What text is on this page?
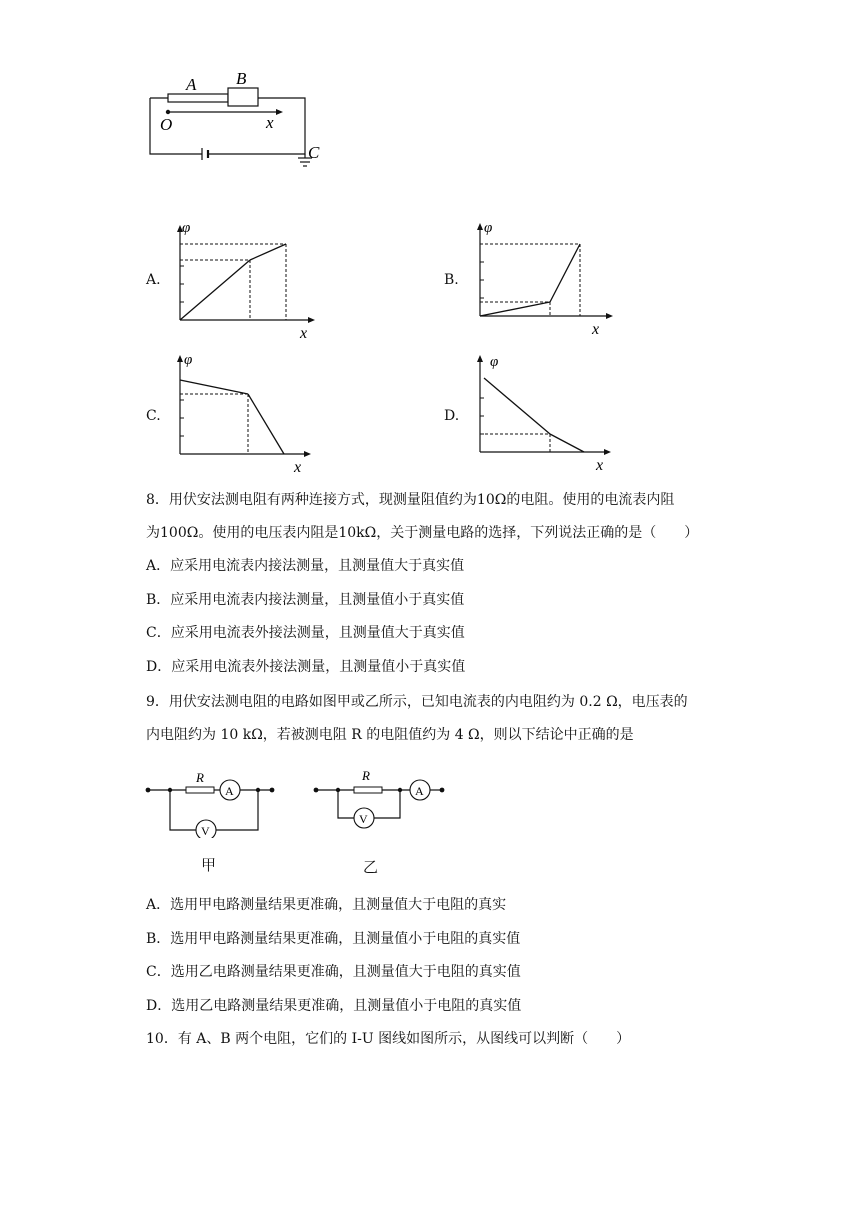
A B
O	x
C
A.	B.
C.	D.
φ
x
φ
x
φ
x
φ
x
8．用伏安法测电阻有两种连接方式，现测量阻值约为10Ω的电阻。使用的电流表内阻
为100Ω。使用的电压表内阻是10kΩ，关于测量电路的选择，下列说法正确的是（　　）
A．应采用电流表内接法测量，且测量值大于真实值
B．应采用电流表内接法测量，且测量值小于真实值
C．应采用电流表外接法测量，且测量值大于真实值
D．应采用电流表外接法测量，且测量值小于真实值
9．用伏安法测电阻的电路如图甲或乙所示，已知电流表的内电阻约为 0.2 Ω，电压表的
内电阻约为 10 kΩ，若被测电阻 R 的电阻值约为 4 Ω，则以下结论中正确的是
R
A
V
甲
R
A
V
乙
A．选用甲电路测量结果更准确，且测量值大于电阻的真实
B．选用甲电路测量结果更准确，且测量值小于电阻的真实值
C．选用乙电路测量结果更准确，且测量值大于电阻的真实值
D．选用乙电路测量结果更准确，且测量值小于电阻的真实值
10．有 A、B 两个电阻，它们的 I-U 图线如图所示，从图线可以判断（　　）
